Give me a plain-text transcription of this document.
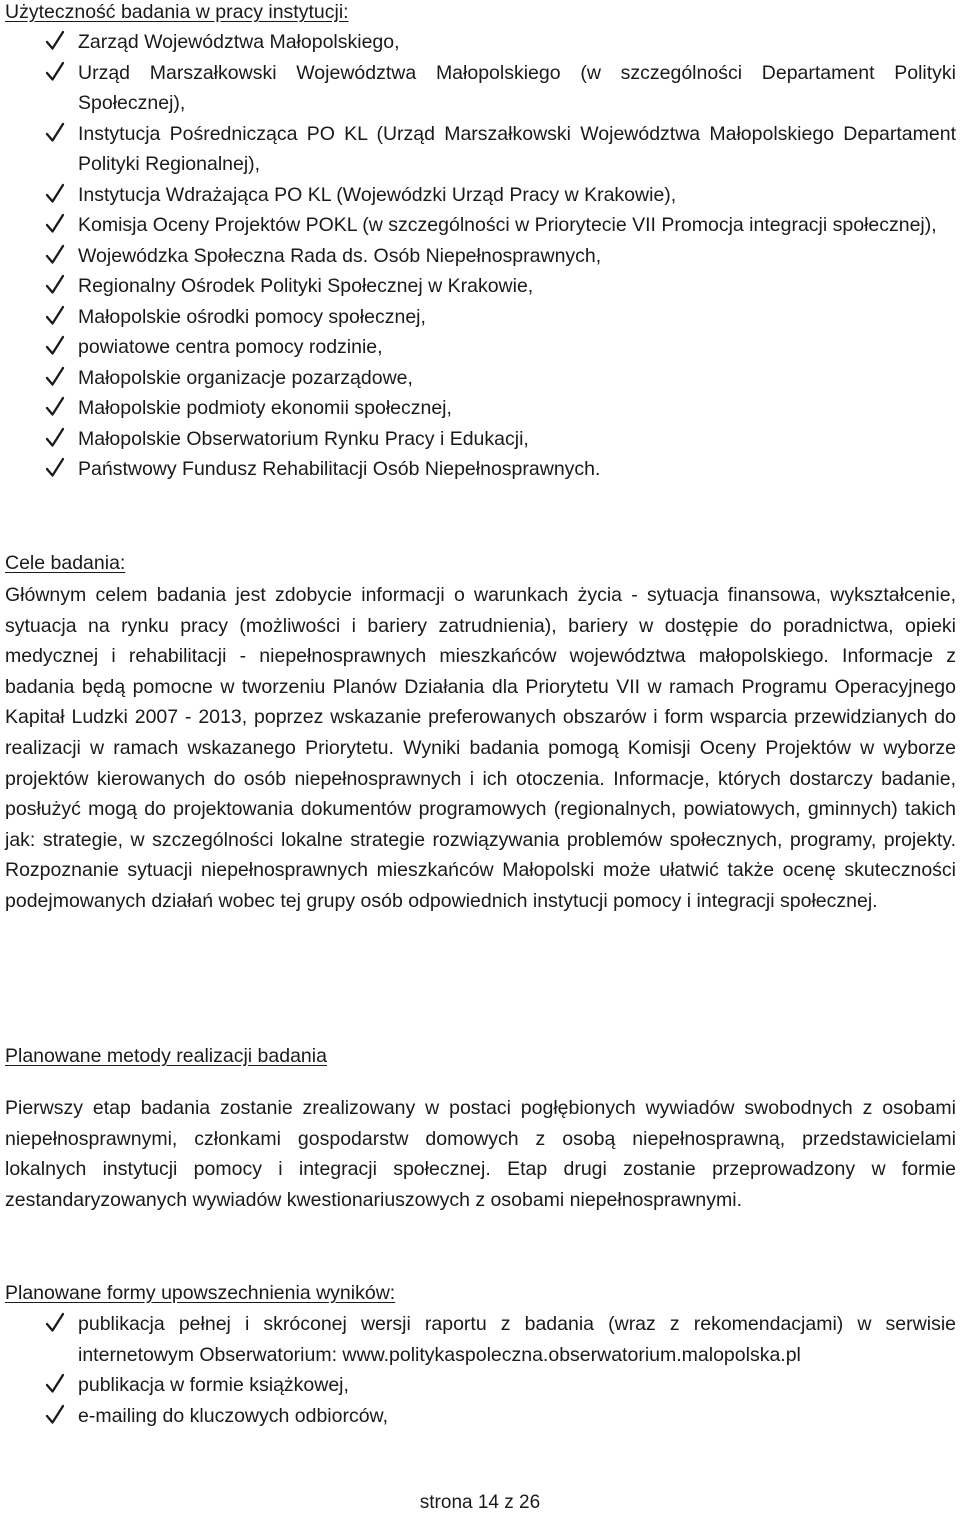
Użyteczność badania w pracy instytucji:
Zarząd Województwa Małopolskiego,
Urząd Marszałkowski Województwa Małopolskiego (w szczególności Departament Polityki Społecznej),
Instytucja Pośrednicząca PO KL (Urząd Marszałkowski Województwa Małopolskiego Departament Polityki Regionalnej),
Instytucja Wdrażająca PO KL (Wojewódzki Urząd Pracy w Krakowie),
Komisja Oceny Projektów POKL (w szczególności w Priorytecie VII Promocja integracji społecznej),
Wojewódzka Społeczna Rada ds. Osób Niepełnosprawnych,
Regionalny Ośrodek Polityki Społecznej w Krakowie,
Małopolskie ośrodki pomocy społecznej,
powiatowe centra pomocy rodzinie,
Małopolskie organizacje pozarządowe,
Małopolskie podmioty ekonomii społecznej,
Małopolskie Obserwatorium Rynku Pracy i Edukacji,
Państwowy Fundusz Rehabilitacji Osób Niepełnosprawnych.
Cele badania:

Głównym celem badania jest zdobycie informacji o warunkach życia - sytuacja finansowa, wykształcenie, sytuacja na rynku pracy (możliwości i bariery zatrudnienia), bariery w dostępie do poradnictwa, opieki medycznej i rehabilitacji - niepełnosprawnych mieszkańców województwa małopolskiego. Informacje z badania będą pomocne w tworzeniu Planów Działania dla Priorytetu VII w ramach Programu Operacyjnego Kapitał Ludzki 2007 - 2013, poprzez wskazanie preferowanych obszarów i form wsparcia przewidzianych do realizacji w ramach wskazanego Priorytetu. Wyniki badania pomogą Komisji Oceny Projektów w wyborze projektów kierowanych do osób niepełnosprawnych i ich otoczenia. Informacje, których dostarczy badanie, posłużyć mogą do projektowania dokumentów programowych (regionalnych, powiatowych, gminnych) takich jak: strategie, w szczególności lokalne strategie rozwiązywania problemów społecznych, programy, projekty. Rozpoznanie sytuacji niepełnosprawnych mieszkańców Małopolski może ułatwić także ocenę skuteczności podejmowanych działań wobec tej grupy osób odpowiednich instytucji pomocy i integracji społecznej.

Planowane metody realizacji badania

Pierwszy etap badania zostanie zrealizowany w postaci pogłębionych wywiadów swobodnych z osobami niepełnosprawnymi, członkami gospodarstw domowych z osobą niepełnosprawną, przedstawicielami lokalnych instytucji pomocy i integracji społecznej. Etap drugi zostanie przeprowadzony w formie zestandaryzowanych wywiadów kwestionariuszowych z osobami niepełnosprawnymi.

Planowane formy upowszechnienia wyników:
publikacja pełnej i skróconej wersji raportu z badania (wraz z rekomendacjami) w serwisie internetowym Obserwatorium: www.politykaspoleczna.obserwatorium.malopolska.pl
publikacja w formie książkowej,
e-mailing do kluczowych odbiorców,
strona 14 z 26
